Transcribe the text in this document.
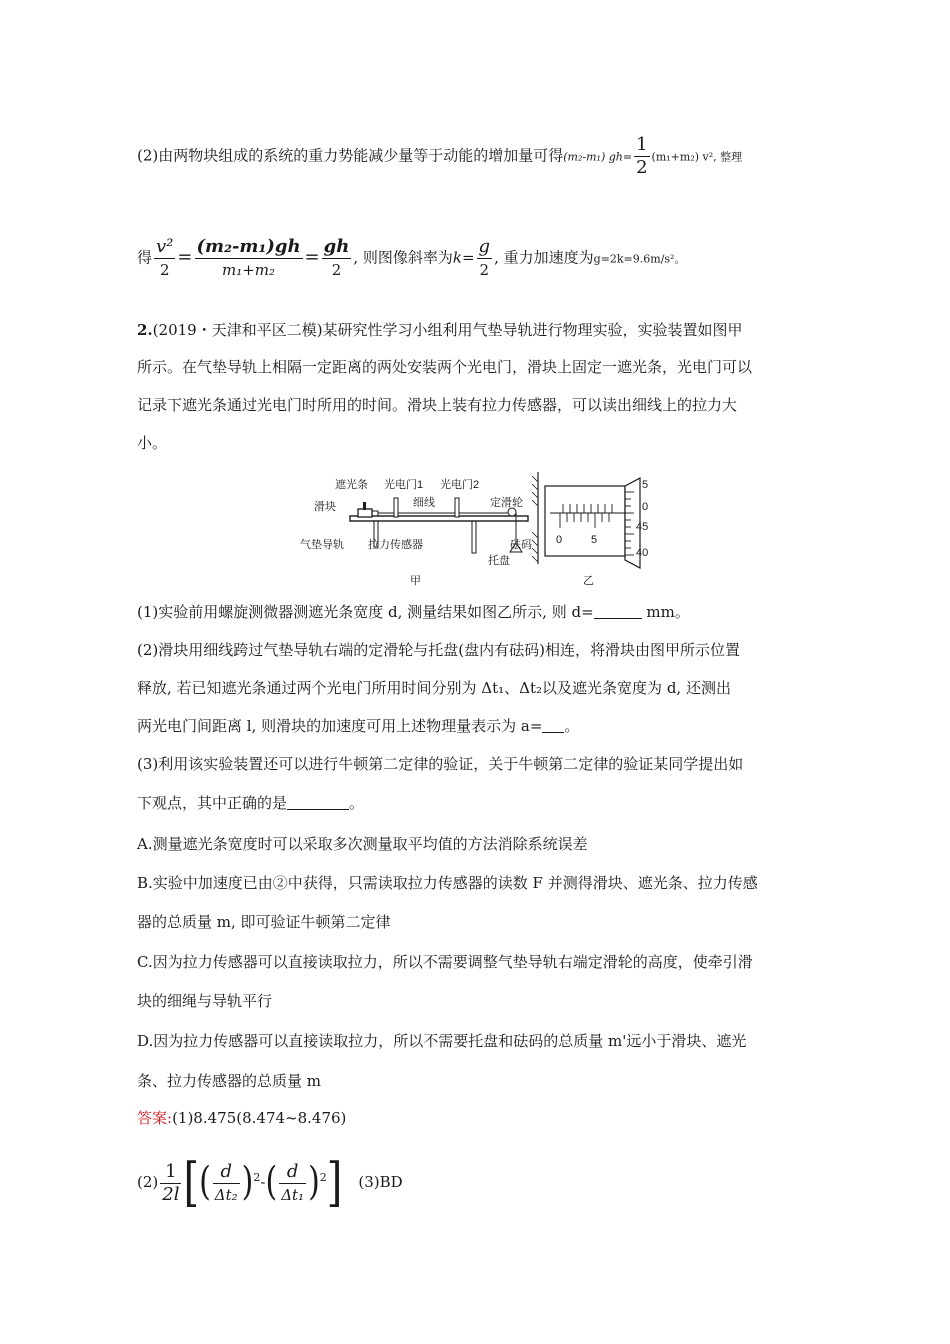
(2)由两物块组成的系统的重力势能减少量等于动能的增加量可得(m₂-m₁) $gh= \frac{1}{2} (m_1+m_2)$ v², 整理
得 $\frac{\text{v²}}{2} = \frac{\text{(m₂-m₁)gh}}{\text{m₁+m₂}} = \frac{gh}{2}$ , 则图像斜率为$k= \frac{g}{2}$ , 重力加速度为g=2k=9.6m/s²。
2.(2019・天津和平区二模)某研究性学习小组利用气垫导轨进行物理实验，实验装置如图甲
所示。在气垫导轨上相隔一定距离的两处安装两个光电门，滑块上固定一遮光条，光电门可以
记录下遮光条通过光电门时所用的时间。滑块上装有拉力传感器，可以读出细线上的拉力大
小。
遮光条 光电门1 光电门2
滑块	细线	定滑轮
气垫导轨 拉力传感器	砝码
托盘
甲
5
0
45
40
0	5
乙
(1)实验前用螺旋测微器测遮光条宽度 d, 测量结果如图乙所示, 则 d=	mm。
(2)滑块用细线跨过气垫导轨右端的定滑轮与托盘(盘内有砝码)相连，将滑块由图甲所示位置
释放, 若已知遮光条通过两个光电门所用时间分别为 Δt₁、Δt₂以及遮光条宽度为 d, 还测出
两光电门间距离 l, 则滑块的加速度可用上述物理量表示为 a= 。
(3)利用该实验装置还可以进行牛顿第二定律的验证，关于牛顿第二定律的验证某同学提出如
下观点，其中正确的是	。
A.测量遮光条宽度时可以采取多次测量取平均值的方法消除系统误差
B.实验中加速度已由②中获得，只需读取拉力传感器的读数 F 并测得滑块、遮光条、拉力传感
器的总质量 m, 即可验证牛顿第二定律
C.因为拉力传感器可以直接读取拉力，所以不需要调整气垫导轨右端定滑轮的高度，使牵引滑
块的细绳与导轨平行
D.因为拉力传感器可以直接读取拉力，所以不需要托盘和砝码的总质量 m'远小于滑块、遮光
条、拉力传感器的总质量 m
答案:(1)8.475(8.474~8.476)
$(2) \frac{1}{2l}$ [( $\frac{d}{\text{Δt₂}} )^2-( \frac{d}{\text{Δt₁}} )^2$] (3)BD
